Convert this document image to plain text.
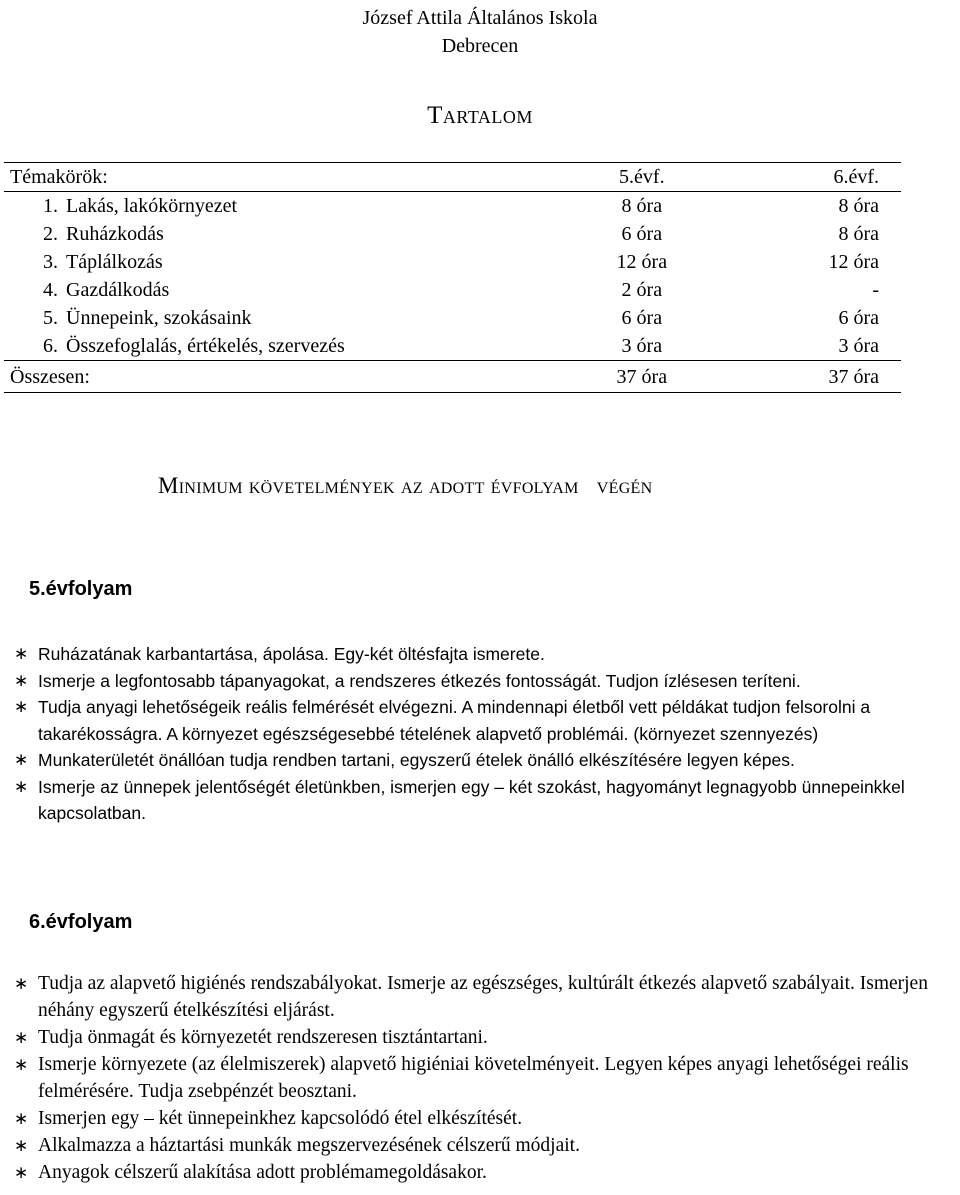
József Attila Általános Iskola
Debrecen
Tartalom
Témakörök:	5.évf.	6.évf.
1. Lakás, lakókörnyezet	8 óra	8 óra
2. Ruházkodás	6 óra	8 óra
3. Táplálkozás	12 óra	12 óra
4. Gazdálkodás	2 óra	-
5. Ünnepeink, szokásaink	6 óra	6 óra
6. Összefoglalás, értékelés, szervezés	3 óra	3 óra
Összesen:	37 óra	37 óra
Minimum követelmények az adott évfolyam   végén
5.évfolyam
∗ Ruházatának karbantartása, ápolása. Egy-két öltésfajta ismerete.
∗ Ismerje a legfontosabb tápanyagokat, a rendszeres étkezés fontosságát. Tudjon ízlésesen teríteni.
∗ Tudja anyagi lehetőségeik reális felmérését elvégezni. A mindennapi életből vett példákat tudjon felsorolni a takarékosságra. A környezet egészségesebbé tételének alapvető problémái. (környezet szennyezés)
∗ Munkaterületét önállóan tudja rendben tartani, egyszerű ételek önálló elkészítésére legyen képes.
∗ Ismerje az ünnepek jelentőségét életünkben, ismerjen egy – két szokást, hagyományt legnagyobb ünnepeinkkel kapcsolatban.
6.évfolyam
∗ Tudja az alapvető higiénés rendszabályokat. Ismerje az egészséges, kultúrált étkezés alapvető szabályait. Ismerjen néhány egyszerű ételkészítési eljárást.
∗ Tudja önmagát és környezetét rendszeresen tisztántartani.
∗ Ismerje környezete (az élelmiszerek) alapvető higiéniai követelményeit. Legyen képes anyagi lehetőségei reális felmérésére. Tudja zsebpénzét beosztani.
∗ Ismerjen egy – két ünnepeinkhez kapcsolódó étel elkészítését.
∗ Alkalmazza a háztartási munkák megszervezésének célszerű módjait.
∗ Anyagok célszerű alakítása adott problémamegoldásakor.
